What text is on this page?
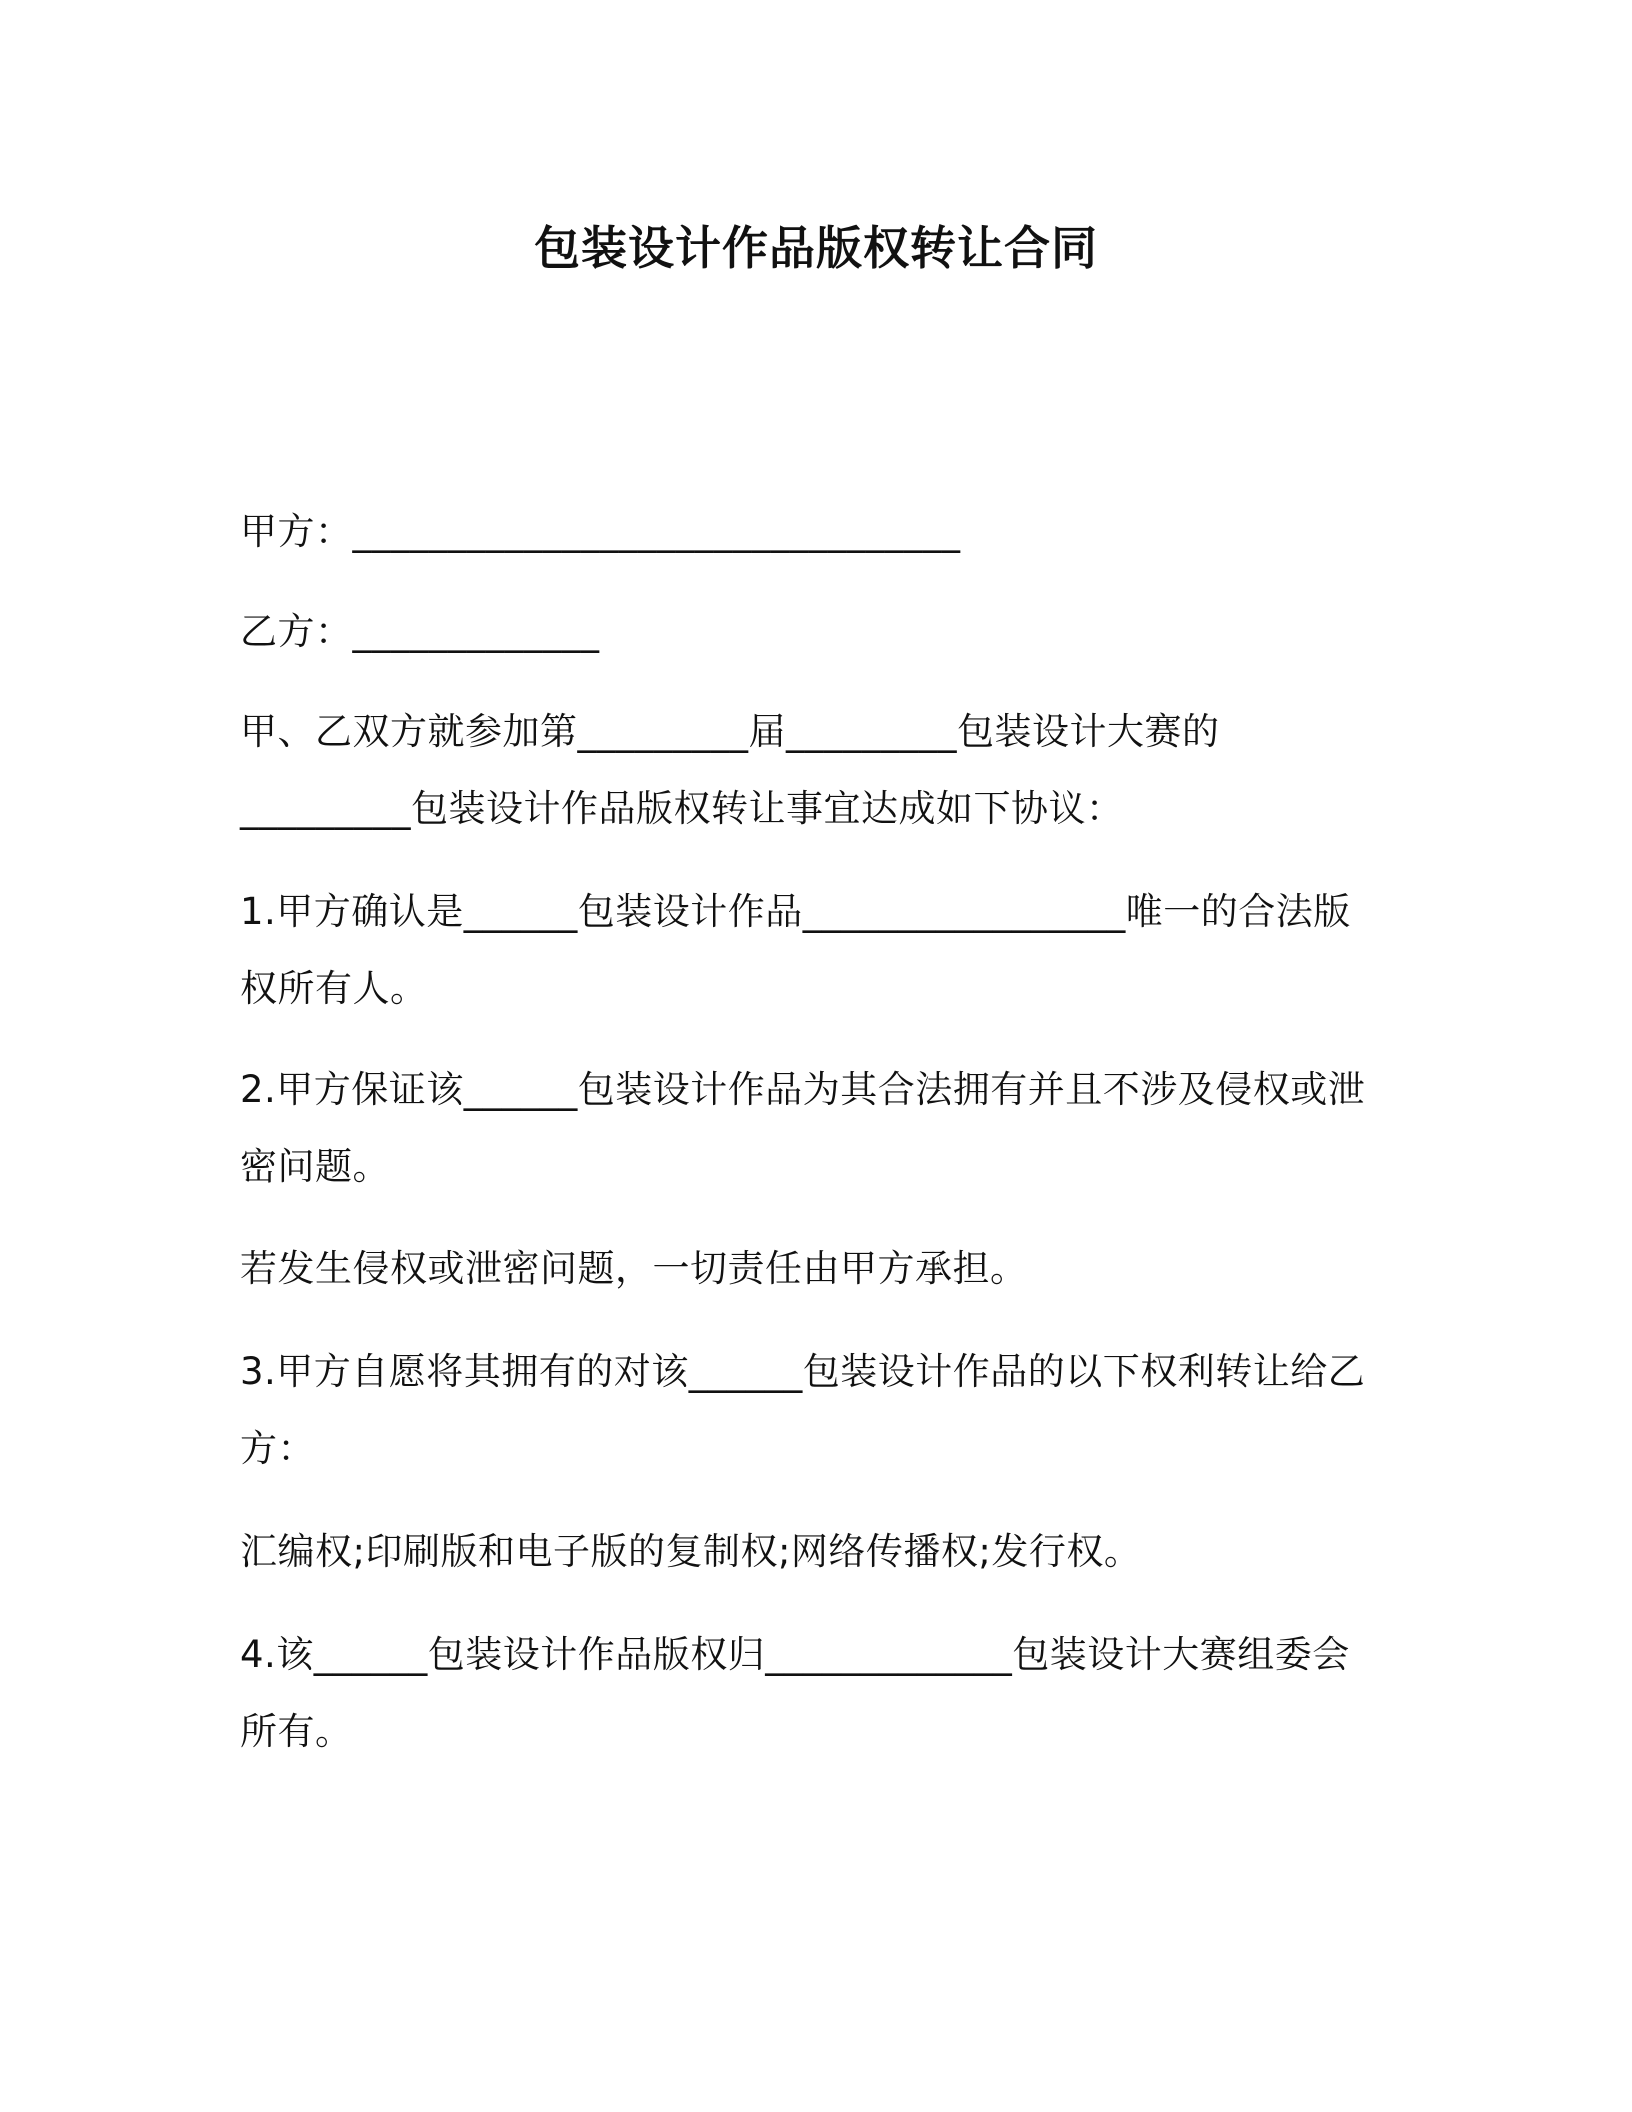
包装设计作品版权转让合同
甲方：________________________________
乙方：_____________
甲、乙双方就参加第_________届_________包装设计大赛的
_________包装设计作品版权转让事宜达成如下协议：
1.甲方确认是______包装设计作品_________________唯一的合法版
权所有人。
2.甲方保证该______包装设计作品为其合法拥有并且不涉及侵权或泄
密问题。
若发生侵权或泄密问题，一切责任由甲方承担。
3.甲方自愿将其拥有的对该______包装设计作品的以下权利转让给乙
方：
汇编权;印刷版和电子版的复制权;网络传播权;发行权。
4.该______包装设计作品版权归_____________包装设计大赛组委会
所有。
